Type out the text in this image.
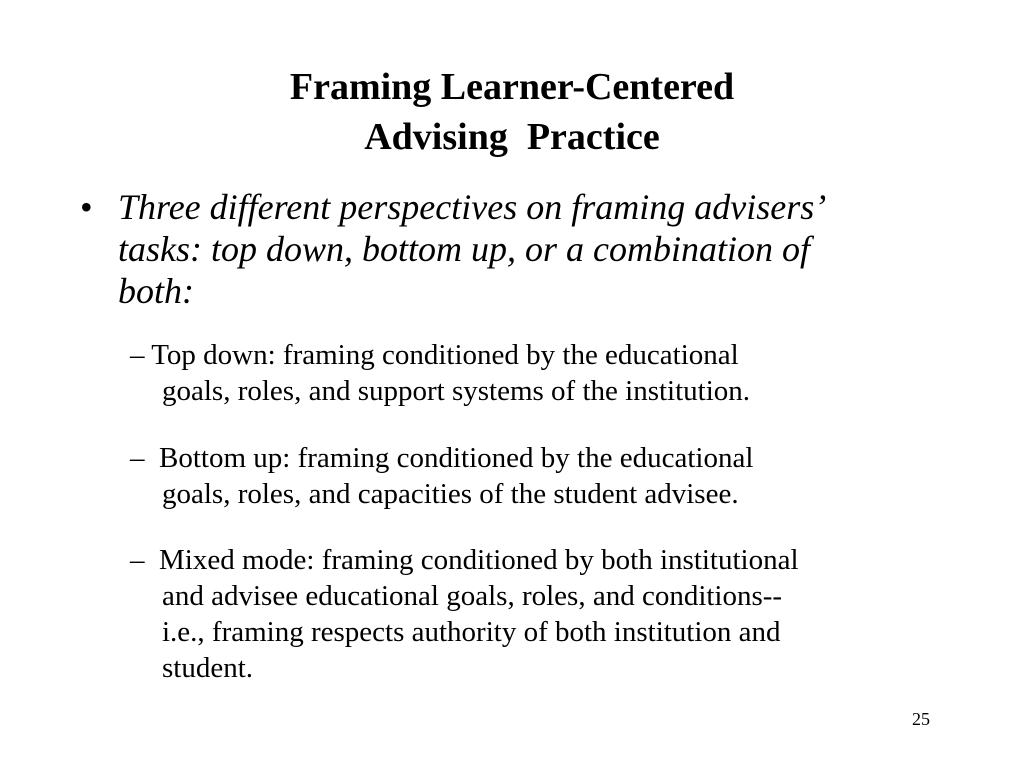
Framing Learner-Centered
Advising  Practice
• Three different perspectives on framing advisers’
tasks: top down, bottom up, or a combination of
both:
– Top down: framing conditioned by the educational
goals, roles, and support systems of the institution.
–  Bottom up: framing conditioned by the educational
goals, roles, and capacities of the student advisee.
–  Mixed mode: framing conditioned by both institutional
and advisee educational goals, roles, and conditions--
i.e., framing respects authority of both institution and
student.
25
